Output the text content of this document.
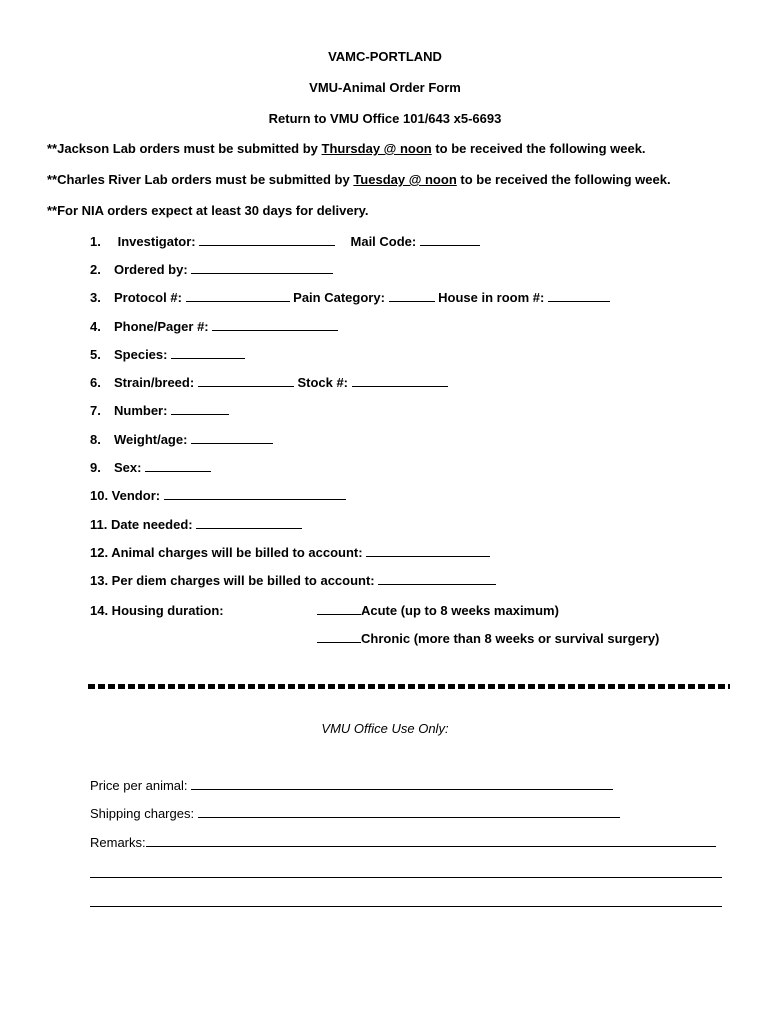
VAMC-PORTLAND
VMU-Animal Order Form
Return to VMU Office 101/643 x5-6693
**Jackson Lab orders must be submitted by Thursday @ noon to be received the following week.
**Charles River Lab orders must be submitted by Tuesday @ noon to be received the following week.
**For NIA orders expect at least 30 days for delivery.
1. Investigator:	Mail Code:
2. Ordered by:
3. Protocol #:	Pain Category:	House in room #:
4. Phone/Pager #:
5. Species:
6. Strain/breed:	Stock #:
7. Number:
8. Weight/age:
9. Sex:
10. Vendor:
11. Date needed:
12. Animal charges will be billed to account:
13. Per diem charges will be billed to account:
14. Housing duration:	Acute (up to 8 weeks maximum)
Chronic (more than 8 weeks or survival surgery)
VMU Office Use Only:
Price per animal:
Shipping charges:
Remarks:
